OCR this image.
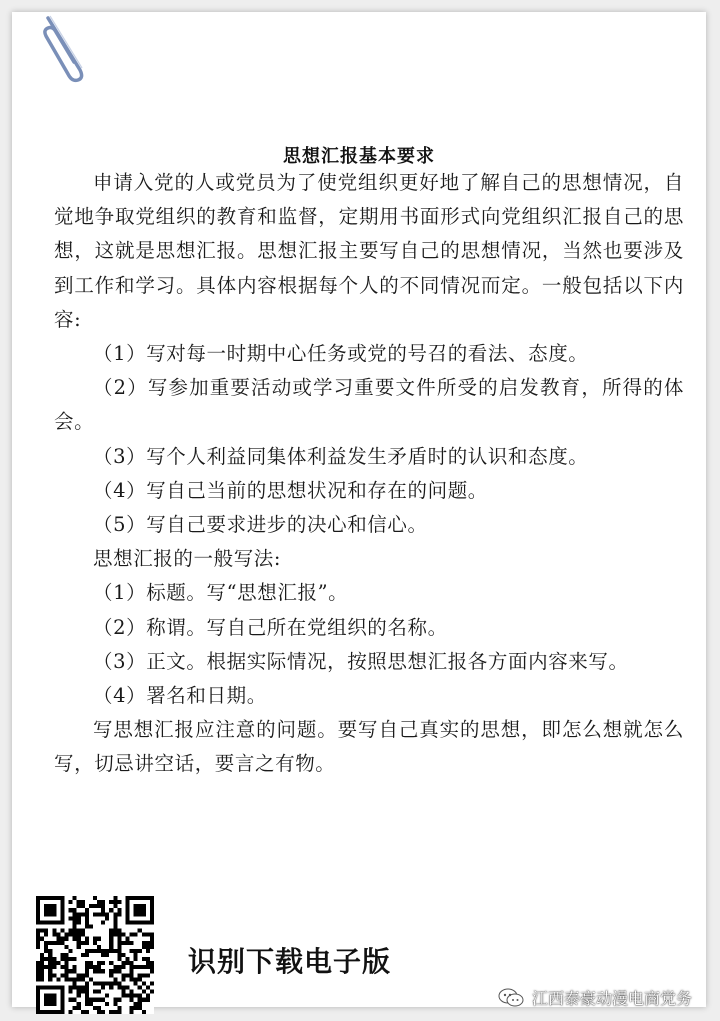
思想汇报基本要求

申请入党的人或党员为了使党组织更好地了解自己的思想情况，自觉地争取党组织的教育和监督，定期用书面形式向党组织汇报自己的思想，这就是思想汇报。思想汇报主要写自己的思想情况，当然也要涉及到工作和学习。具体内容根据每个人的不同情况而定。一般包括以下内容:

（1）写对每一时期中心任务或党的号召的看法、态度。

（2）写参加重要活动或学习重要文件所受的启发教育，所得的体会。

（3）写个人利益同集体利益发生矛盾时的认识和态度。

（4）写自己当前的思想状况和存在的问题。

（5）写自己要求进步的决心和信心。

思想汇报的一般写法:

（1）标题。写“思想汇报”。

（2）称谓。写自己所在党组织的名称。

（3）正文。根据实际情况，按照思想汇报各方面内容来写。

（4）署名和日期。

写思想汇报应注意的问题。要写自己真实的思想，即怎么想就怎么写，切忌讲空话，要言之有物。

识别下载电子版
江西泰豪动漫电商党务
